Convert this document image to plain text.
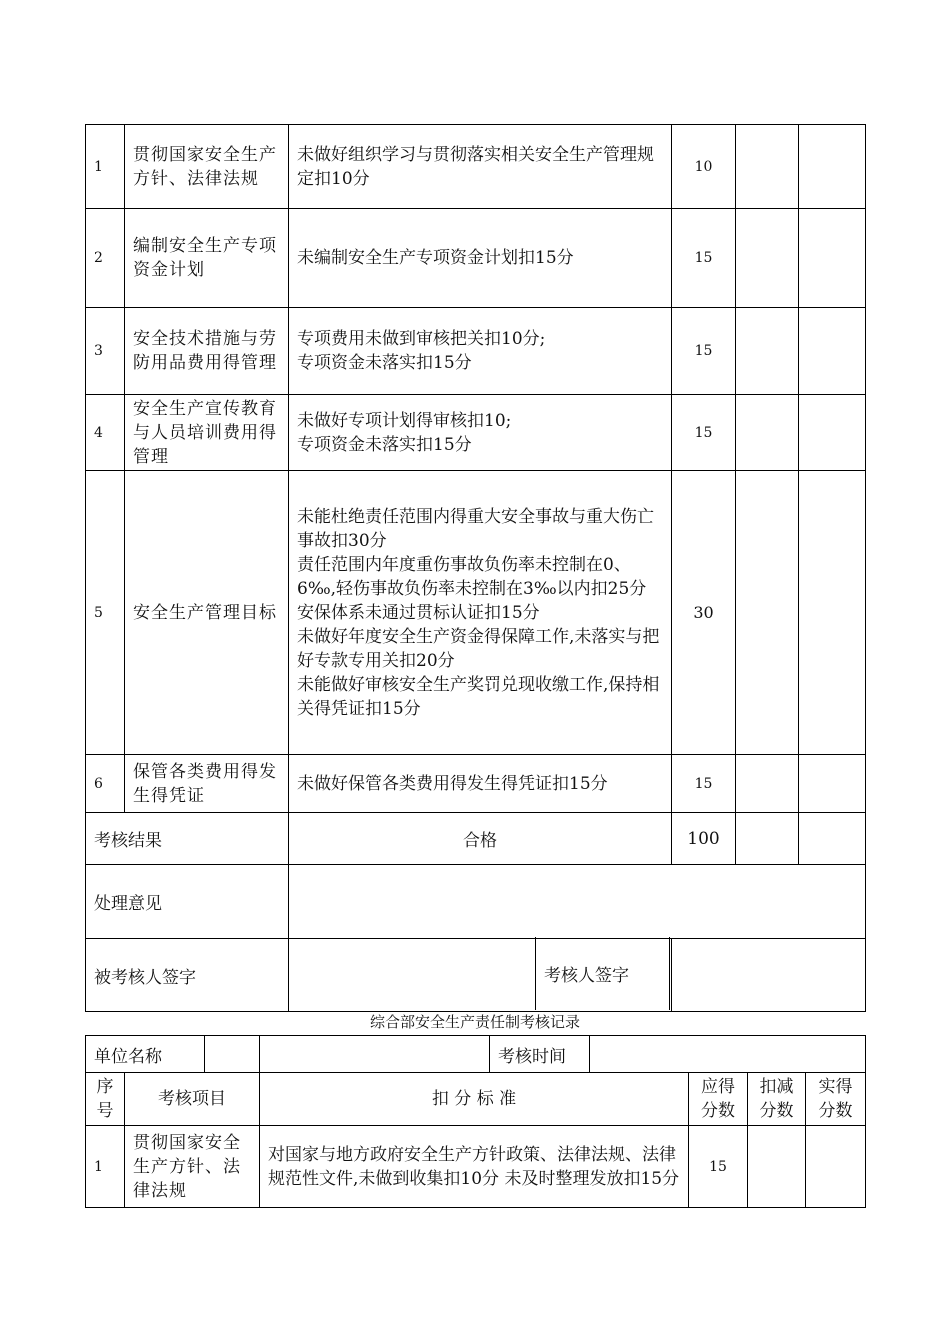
1	贯彻国家安全生产方针、法律法规	未做好组织学习与贯彻落实相关安全生产管理规定扣10分	10		
2	编制安全生产专项资金计划	未编制安全生产专项资金计划扣15分	15		
3	安全技术措施与劳防用品费用得管理	专项费用未做到审核把关扣10分;
专项资金未落实扣15分	15		
4	安全生产宣传教育与人员培训费用得管理	未做好专项计划得审核扣10;
专项资金未落实扣15分	15		
5	安全生产管理目标	未能杜绝责任范围内得重大安全事故与重大伤亡事故扣30分
责任范围内年度重伤事故负伤率未控制在0、6‰,轻伤事故负伤率未控制在3‰以内扣25分
安保体系未通过贯标认证扣15分
未做好年度安全生产资金得保障工作,未落实与把好专款专用关扣20分
未能做好审核安全生产奖罚兑现收缴工作,保持相关得凭证扣15分	30		
6	保管各类费用得发生得凭证	未做好保管各类费用得发生得凭证扣15分	15		
考核结果		合格	100		
处理意见					
被考核人签字						考核人签字
综合部安全生产责任制考核记录
单位名称		考核时间			

序号	考核项目	扣 分 标 准	应得分数	扣减分数	实得分数
1	贯彻国家安全生产方针、法律法规	对国家与地方政府安全生产方针政策、法律法规、法律规范性文件,未做到收集扣10分 未及时整理发放扣15分	15		
